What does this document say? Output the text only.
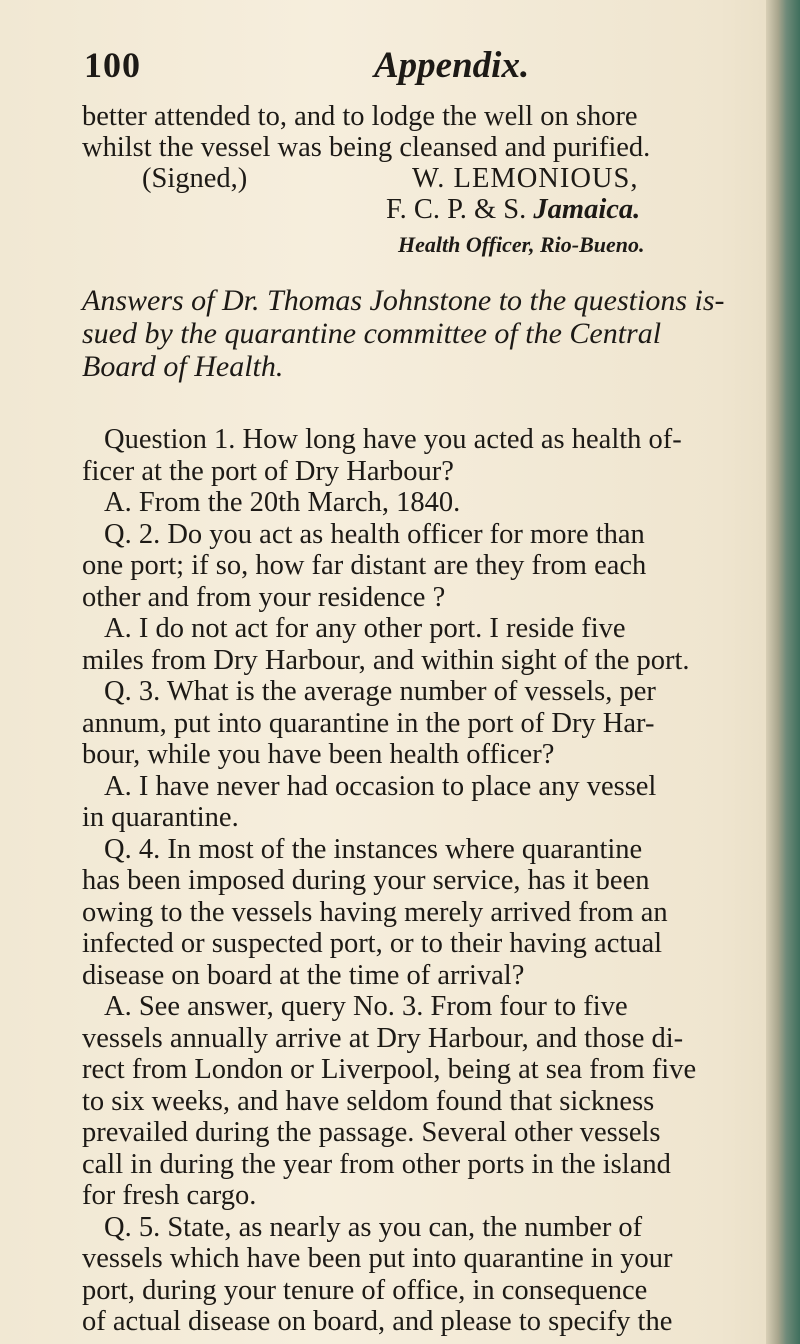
100	Appendix.
better attended to, and to lodge the well on shore
whilst the vessel was being cleansed and purified.
(Signed,)	W. LEMONIOUS,
F. C. P. & S. Jamaica.
Health Officer, Rio-Bueno.
Answers of Dr. Thomas Johnstone to the questions is-
sued by the quarantine committee of the Central
Board of Health.
Question 1. How long have you acted as health of-
ficer at the port of Dry Harbour?
A. From the 20th March, 1840.
Q. 2. Do you act as health officer for more than
one port; if so, how far distant are they from each
other and from your residence ?
A. I do not act for any other port. I reside five
miles from Dry Harbour, and within sight of the port.
Q. 3. What is the average number of vessels, per
annum, put into quarantine in the port of Dry Har-
bour, while you have been health officer?
A. I have never had occasion to place any vessel
in quarantine.
Q. 4. In most of the instances where quarantine
has been imposed during your service, has it been
owing to the vessels having merely arrived from an
infected or suspected port, or to their having actual
disease on board at the time of arrival?
A. See answer, query No. 3. From four to five
vessels annually arrive at Dry Harbour, and those di-
rect from London or Liverpool, being at sea from five
to six weeks, and have seldom found that sickness
prevailed during the passage. Several other vessels
call in during the year from other ports in the island
for fresh cargo.
Q. 5. State, as nearly as you can, the number of
vessels which have been put into quarantine in your
port, during your tenure of office, in consequence
of actual disease on board, and please to specify the
